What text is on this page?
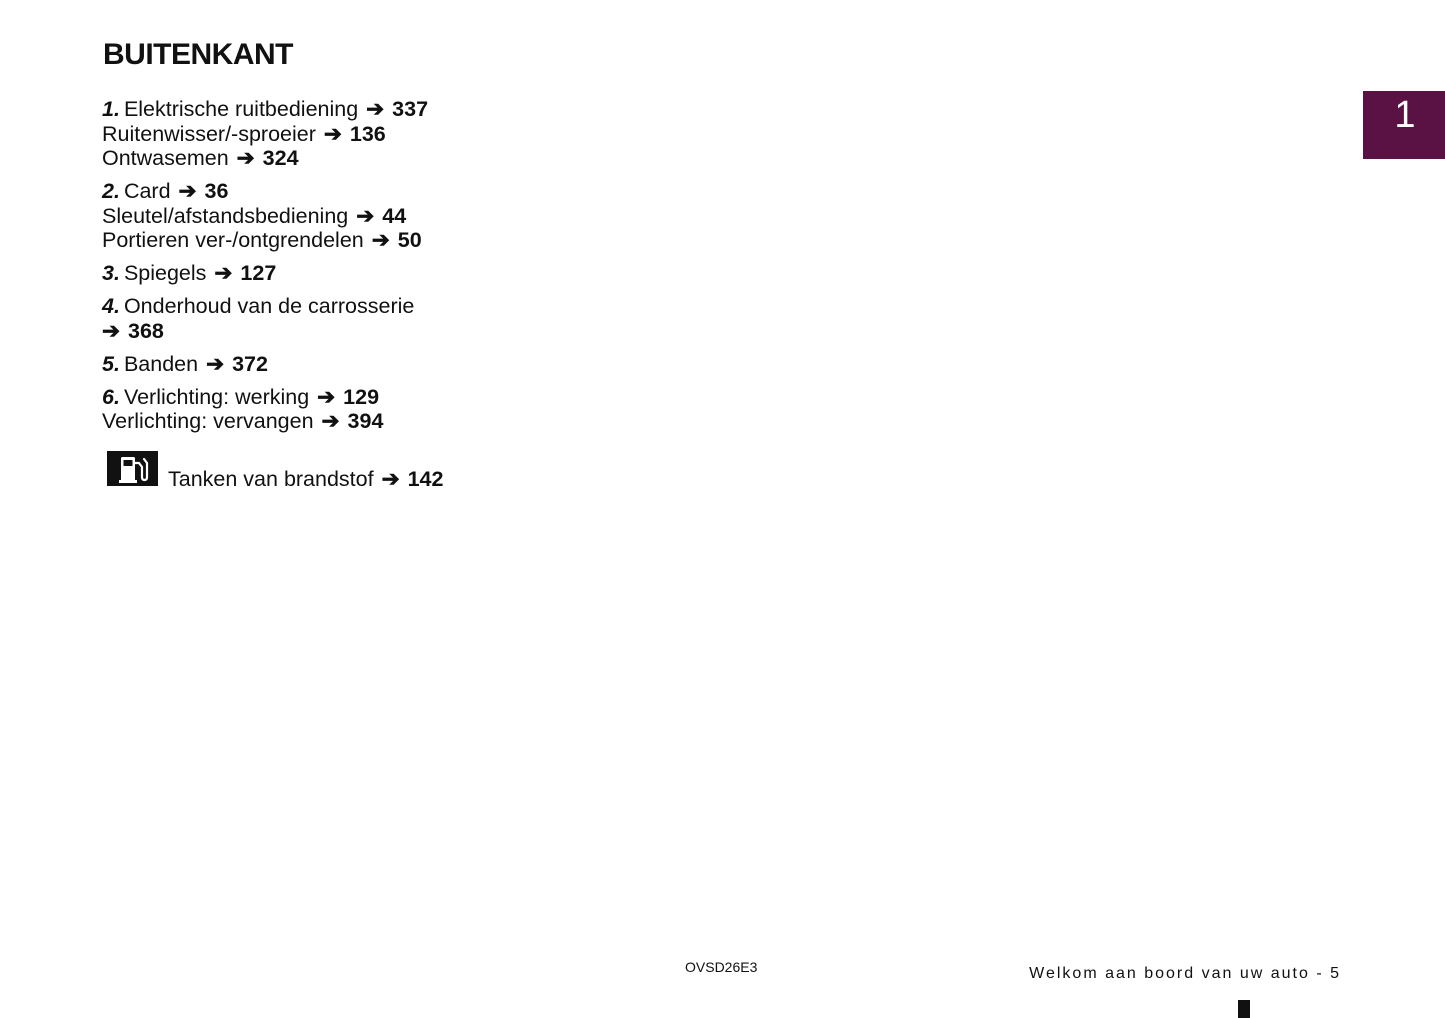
BUITENKANT
1. Elektrische ruitbediening ➔ 337
Ruitenwisser/-sproeier ➔ 136
Ontwasemen ➔ 324
2. Card ➔ 36
Sleutel/afstandsbediening ➔ 44
Portieren ver-/ontgrendelen ➔ 50
3. Spiegels ➔ 127
4. Onderhoud van de carrosserie
➔ 368
5. Banden ➔ 372
6. Verlichting: werking ➔ 129
Verlichting: vervangen ➔ 394
Tanken van brandstof ➔ 142
1
OVSD26E3	Welkom aan boord van uw auto - 5
